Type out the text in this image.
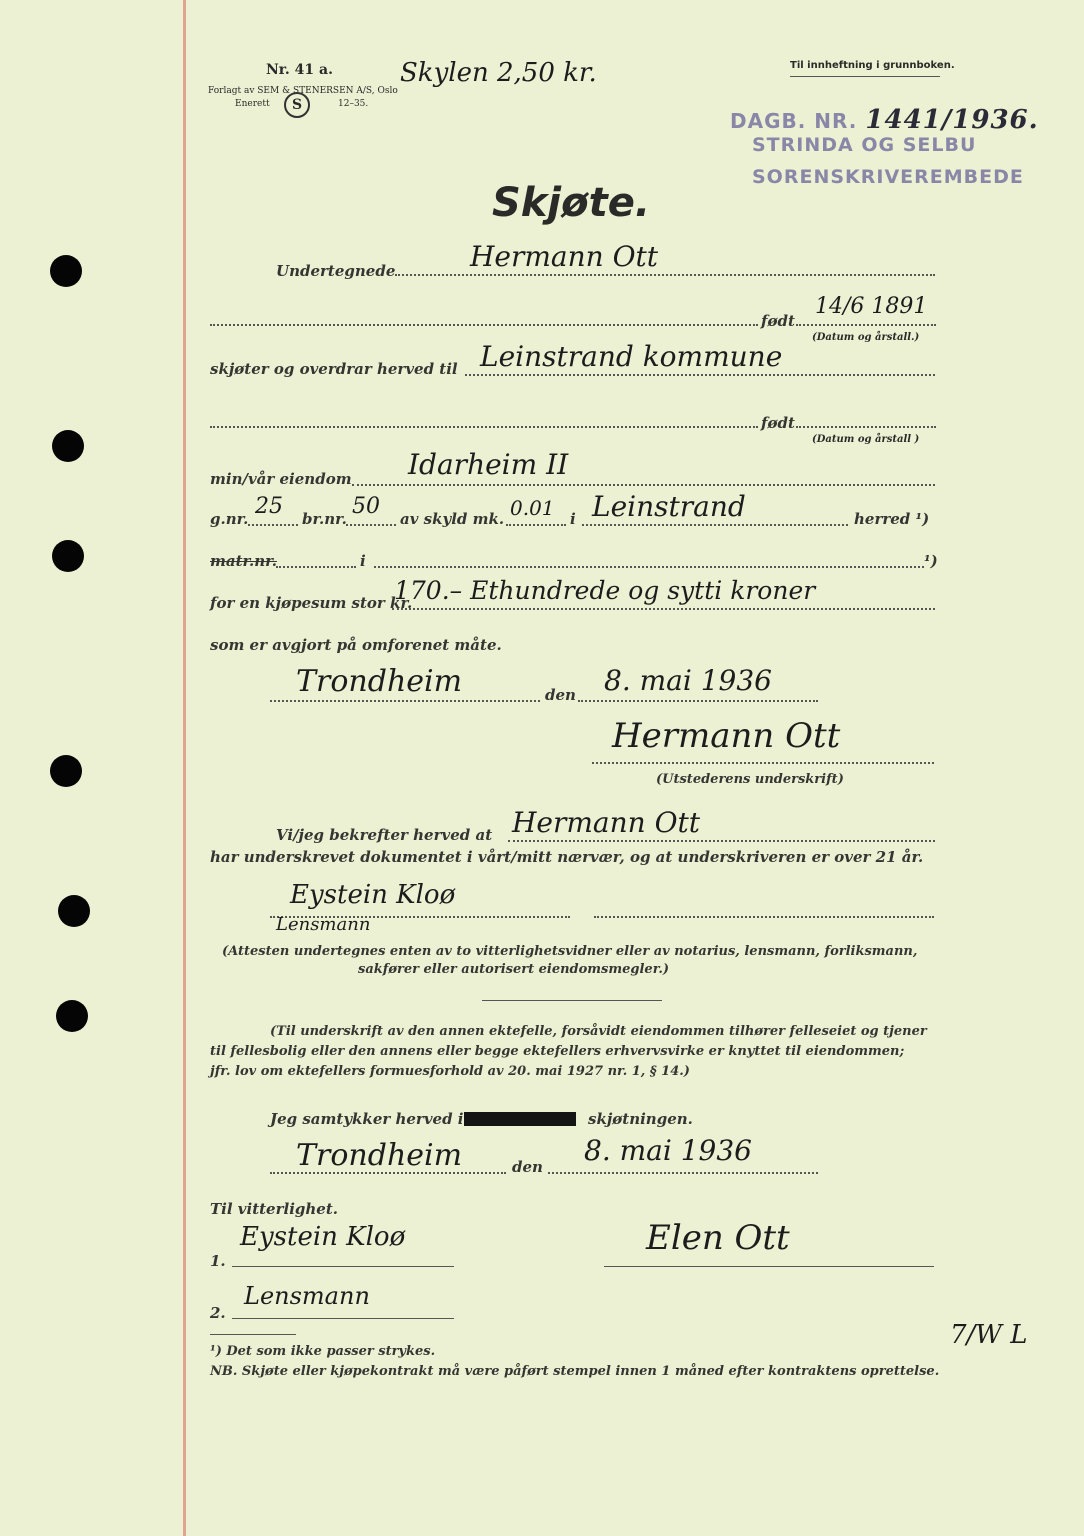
Nr. 41 a.
Forlagt av SEM & STENERSEN A/S, Oslo
Enerett	S	12–35.
Skylen 2,50 kr.	Til innheftning i grunnboken.
DAGB. NR. 1441/1936.
STRINDA OG SELBU
SORENSKRIVEREMBEDE
Skjøte.
Undertegnede	Hermann Ott
født
14/6 1891
(Datum og årstall.)
skjøter og overdrar herved til Leinstrand kommune
født
(Datum og årstall )
min/vår eiendom Idarheim II
g.nr. 25 br.nr. 50 av skyld mk. 0.01 i Leinstrand	herred ¹)
matr.nr.	i	¹)
for en kjøpesum stor kr.
170.– Ethundrede og sytti kroner
som er avgjort på omforenet måte.
Trondheim	den 8. mai 1936
Hermann Ott
(Utstederens underskrift)
Vi/jeg bekrefter herved at Hermann Ott
har underskrevet dokumentet i vårt/mitt nærvær, og at underskriveren er over 21 år.
Eystein Kloø
Lensmann
(Attesten undertegnes enten av to vitterlighetsvidner eller av notarius, lensmann, forliksmann,
sakfører eller autorisert eiendomsmegler.)
(Til underskrift av den annen ektefelle, forsåvidt eiendommen tilhører felleseiet og tjener
til fellesbolig eller den annens eller begge ektefellers erhvervsvirke er knyttet til eiendommen;
jfr. lov om ektefellers formuesforhold av 20. mai 1927 nr. 1, § 14.)
Jeg samtykker herved i	skjøtningen.
Trondheim	den 8. mai 1936
Til vitterlighet.
1.
Eystein Kloø	Elen Ott
2.
Lensmann
¹) Det som ikke passer strykes.
NB. Skjøte eller kjøpekontrakt må være påført stempel innen 1 måned efter kontraktens oprettelse.
7/W L
